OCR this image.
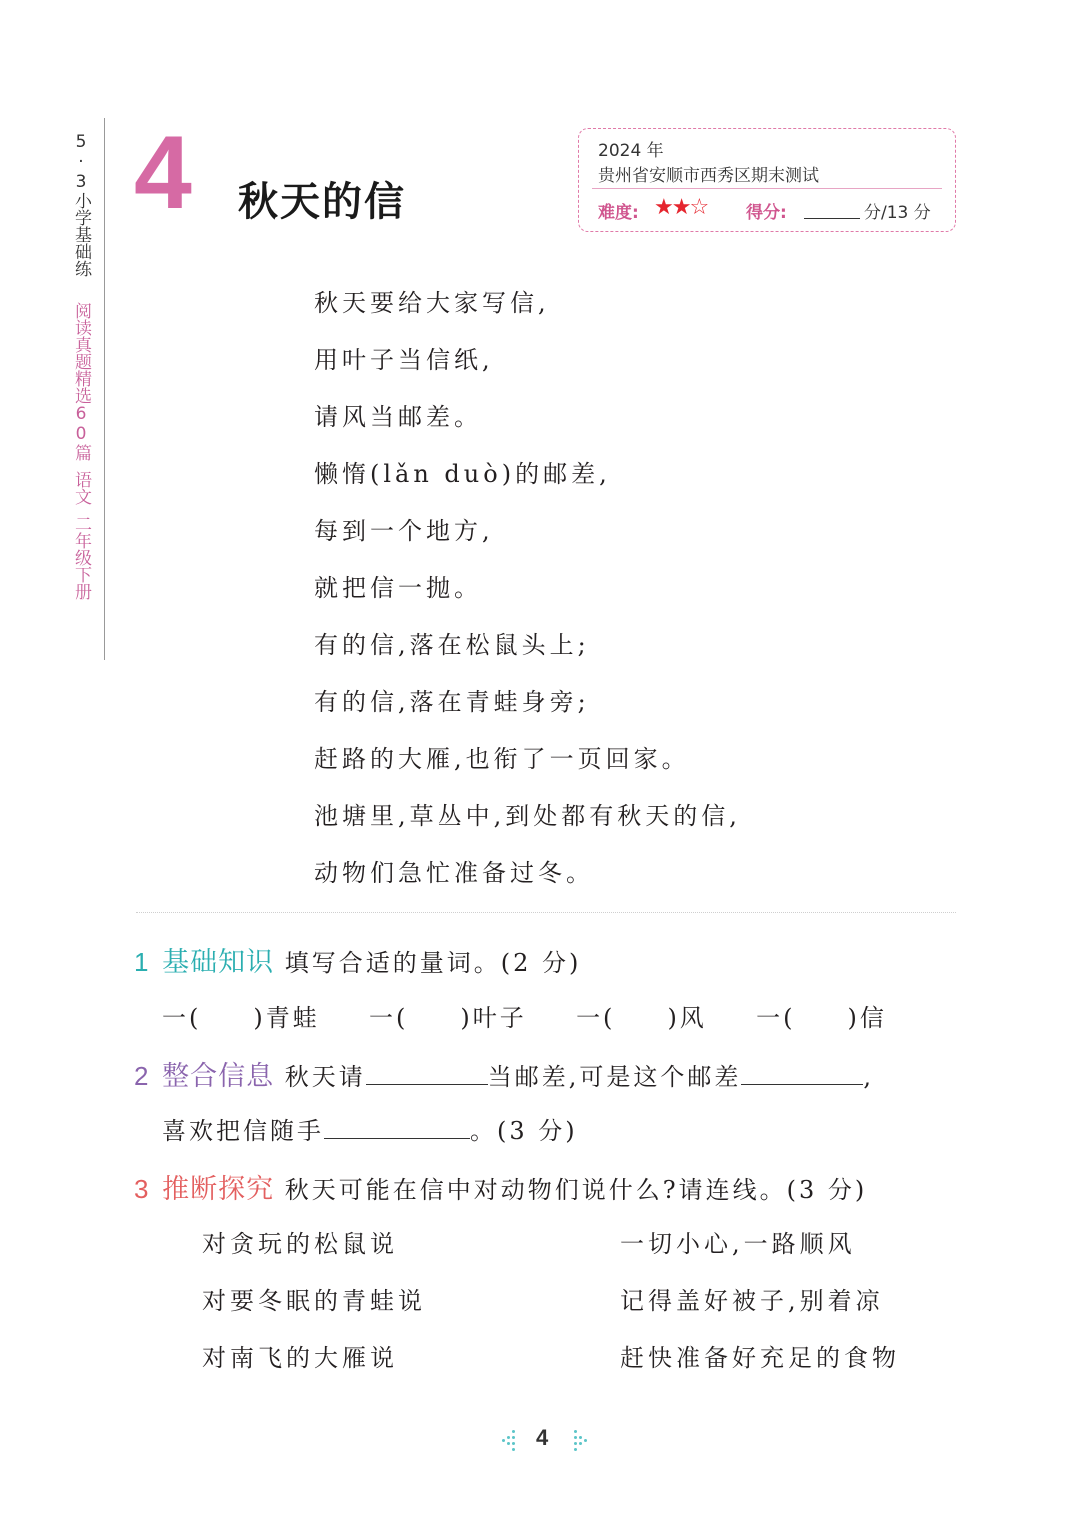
5·3小学基础练
阅读真题精选60篇语文二年级下册
4 秋天的信
2024 年
贵州省安顺市西秀区期末测试
难度: ★★☆ 得分:	分/13 分
秋天要给大家写信,
用叶子当信纸,
请风当邮差。
懒惰(lǎn duò)的邮差,
每到一个地方,
就把信一抛。
有的信,落在松鼠头上;
有的信,落在青蛙身旁;
赶路的大雁,也衔了一页回家。
池塘里,草丛中,到处都有秋天的信,
动物们急忙准备过冬。
1 基础知识 填写合适的量词。(2 分)
一( )青蛙 一( )叶子 一( )风 一( )信
2 整合信息 秋天请	当邮差,可是这个邮差	,
喜欢把信随手	。(3 分)
3 推断探究 秋天可能在信中对动物们说什么?请连线。(3 分)
对贪玩的松鼠说
对要冬眠的青蛙说
对南飞的大雁说
一切小心,一路顺风
记得盖好被子,别着凉
赶快准备好充足的食物
4
